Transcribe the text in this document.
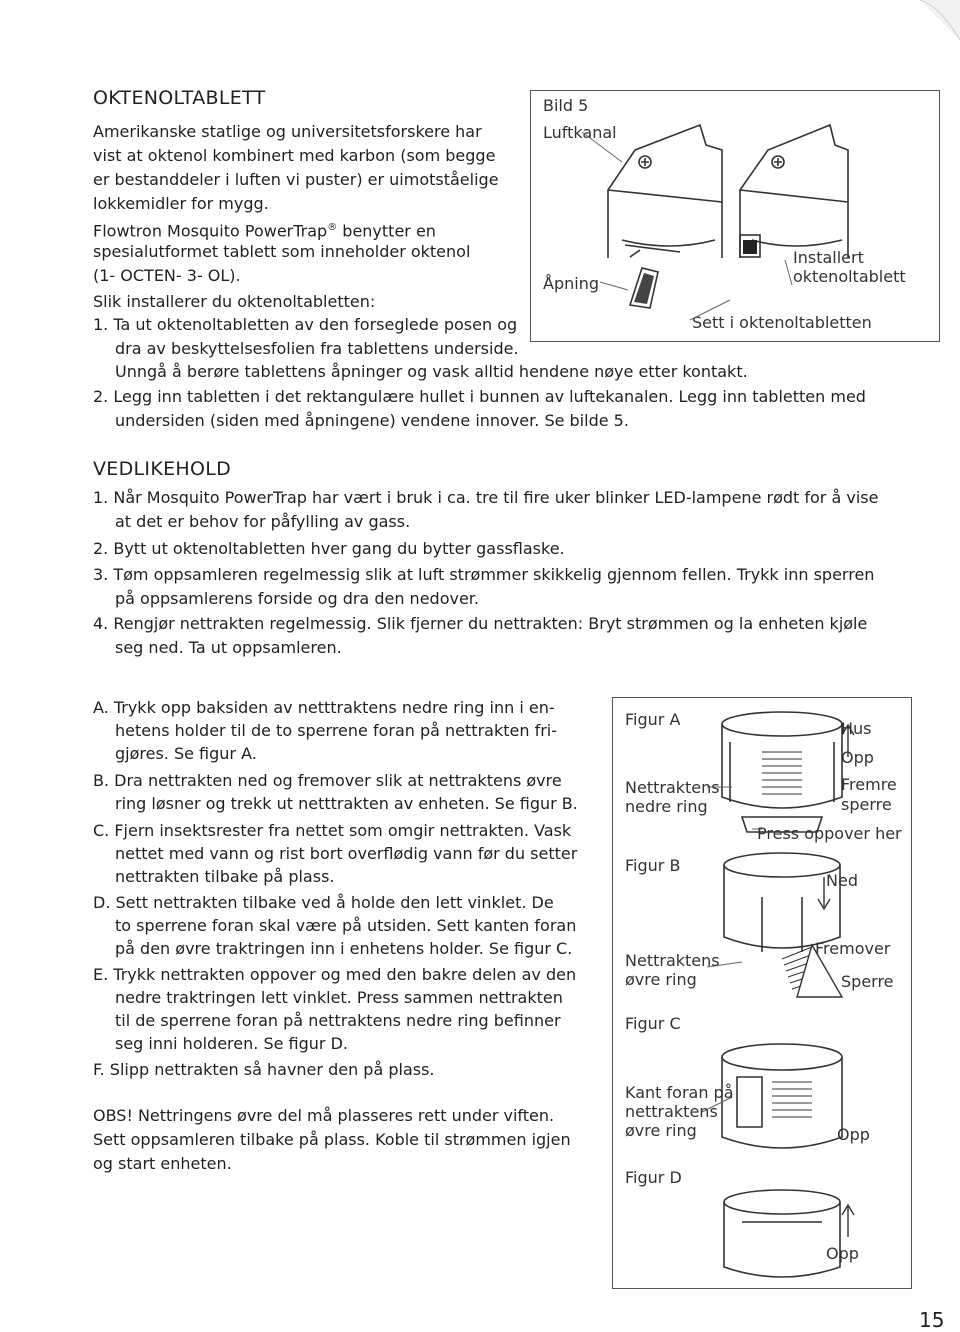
OKTENOLTABLETT
Amerikanske statlige og universitetsforskere har
vist at oktenol kombinert med karbon (som begge
er bestanddeler i luften vi puster) er uimotståelige
lokkemidler for mygg.
Flowtron Mosquito PowerTrap® benytter en
spesialutformet tablett som inneholder oktenol
(1- OCTEN- 3- OL).
Slik installerer du oktenoltabletten:
1. Ta ut oktenoltabletten av den forseglede posen og
dra av beskyttelsesfolien fra tablettens underside.
Unngå å berøre tablettens åpninger og vask alltid hendene nøye etter kontakt.
2. Legg inn tabletten i det rektangulære hullet i bunnen av luftekanalen. Legg inn tabletten med
undersiden (siden med åpningene) vendene innover. Se bilde 5.
Bild 5
Luftkanal
Åpning
Installert
oktenoltablett
Sett i oktenoltabletten
VEDLIKEHOLD
1. Når Mosquito PowerTrap har vært i bruk i ca. tre til fire uker blinker LED-lampene rødt for å vise
at det er behov for påfylling av gass.
2. Bytt ut oktenoltabletten hver gang du bytter gassflaske.
3. Tøm oppsamleren regelmessig slik at luft strømmer skikkelig gjennom fellen. Trykk inn sperren
på oppsamlerens forside og dra den nedover.
4. Rengjør nettrakten regelmessig. Slik fjerner du nettrakten: Bryt strømmen og la enheten kjøle
seg ned. Ta ut oppsamleren.
A. Trykk opp baksiden av netttraktens nedre ring inn i en-
hetens holder til de to sperrene foran på nettrakten fri-
gjøres. Se figur A.
B. Dra nettrakten ned og fremover slik at nettraktens øvre
ring løsner og trekk ut netttrakten av enheten. Se figur B.
C. Fjern insektsrester fra nettet som omgir nettrakten. Vask
nettet med vann og rist bort overflødig vann før du setter
nettrakten tilbake på plass.
D. Sett nettrakten tilbake ved å holde den lett vinklet. De
to sperrene foran skal være på utsiden. Sett kanten foran
på den øvre traktringen inn i enhetens holder. Se figur C.
E. Trykk nettrakten oppover og med den bakre delen av den
nedre traktringen lett vinklet. Press sammen nettrakten
til de sperrene foran på nettraktens nedre ring befinner
seg inni holderen. Se figur D.
F. Slipp nettrakten så havner den på plass.
OBS! Nettringens øvre del må plasseres rett under viften.
Sett oppsamleren tilbake på plass. Koble til strømmen igjen
og start enheten.
Figur A	Hus
Opp
Fremre
sperre
Nettraktens
nedre ring
Press oppover her
Figur B
Ned
Fremover
Nettraktens
øvre ring	Sperre
Figur C
Kant foran på
nettraktens
øvre ring	Opp
Figur D
Opp
15
